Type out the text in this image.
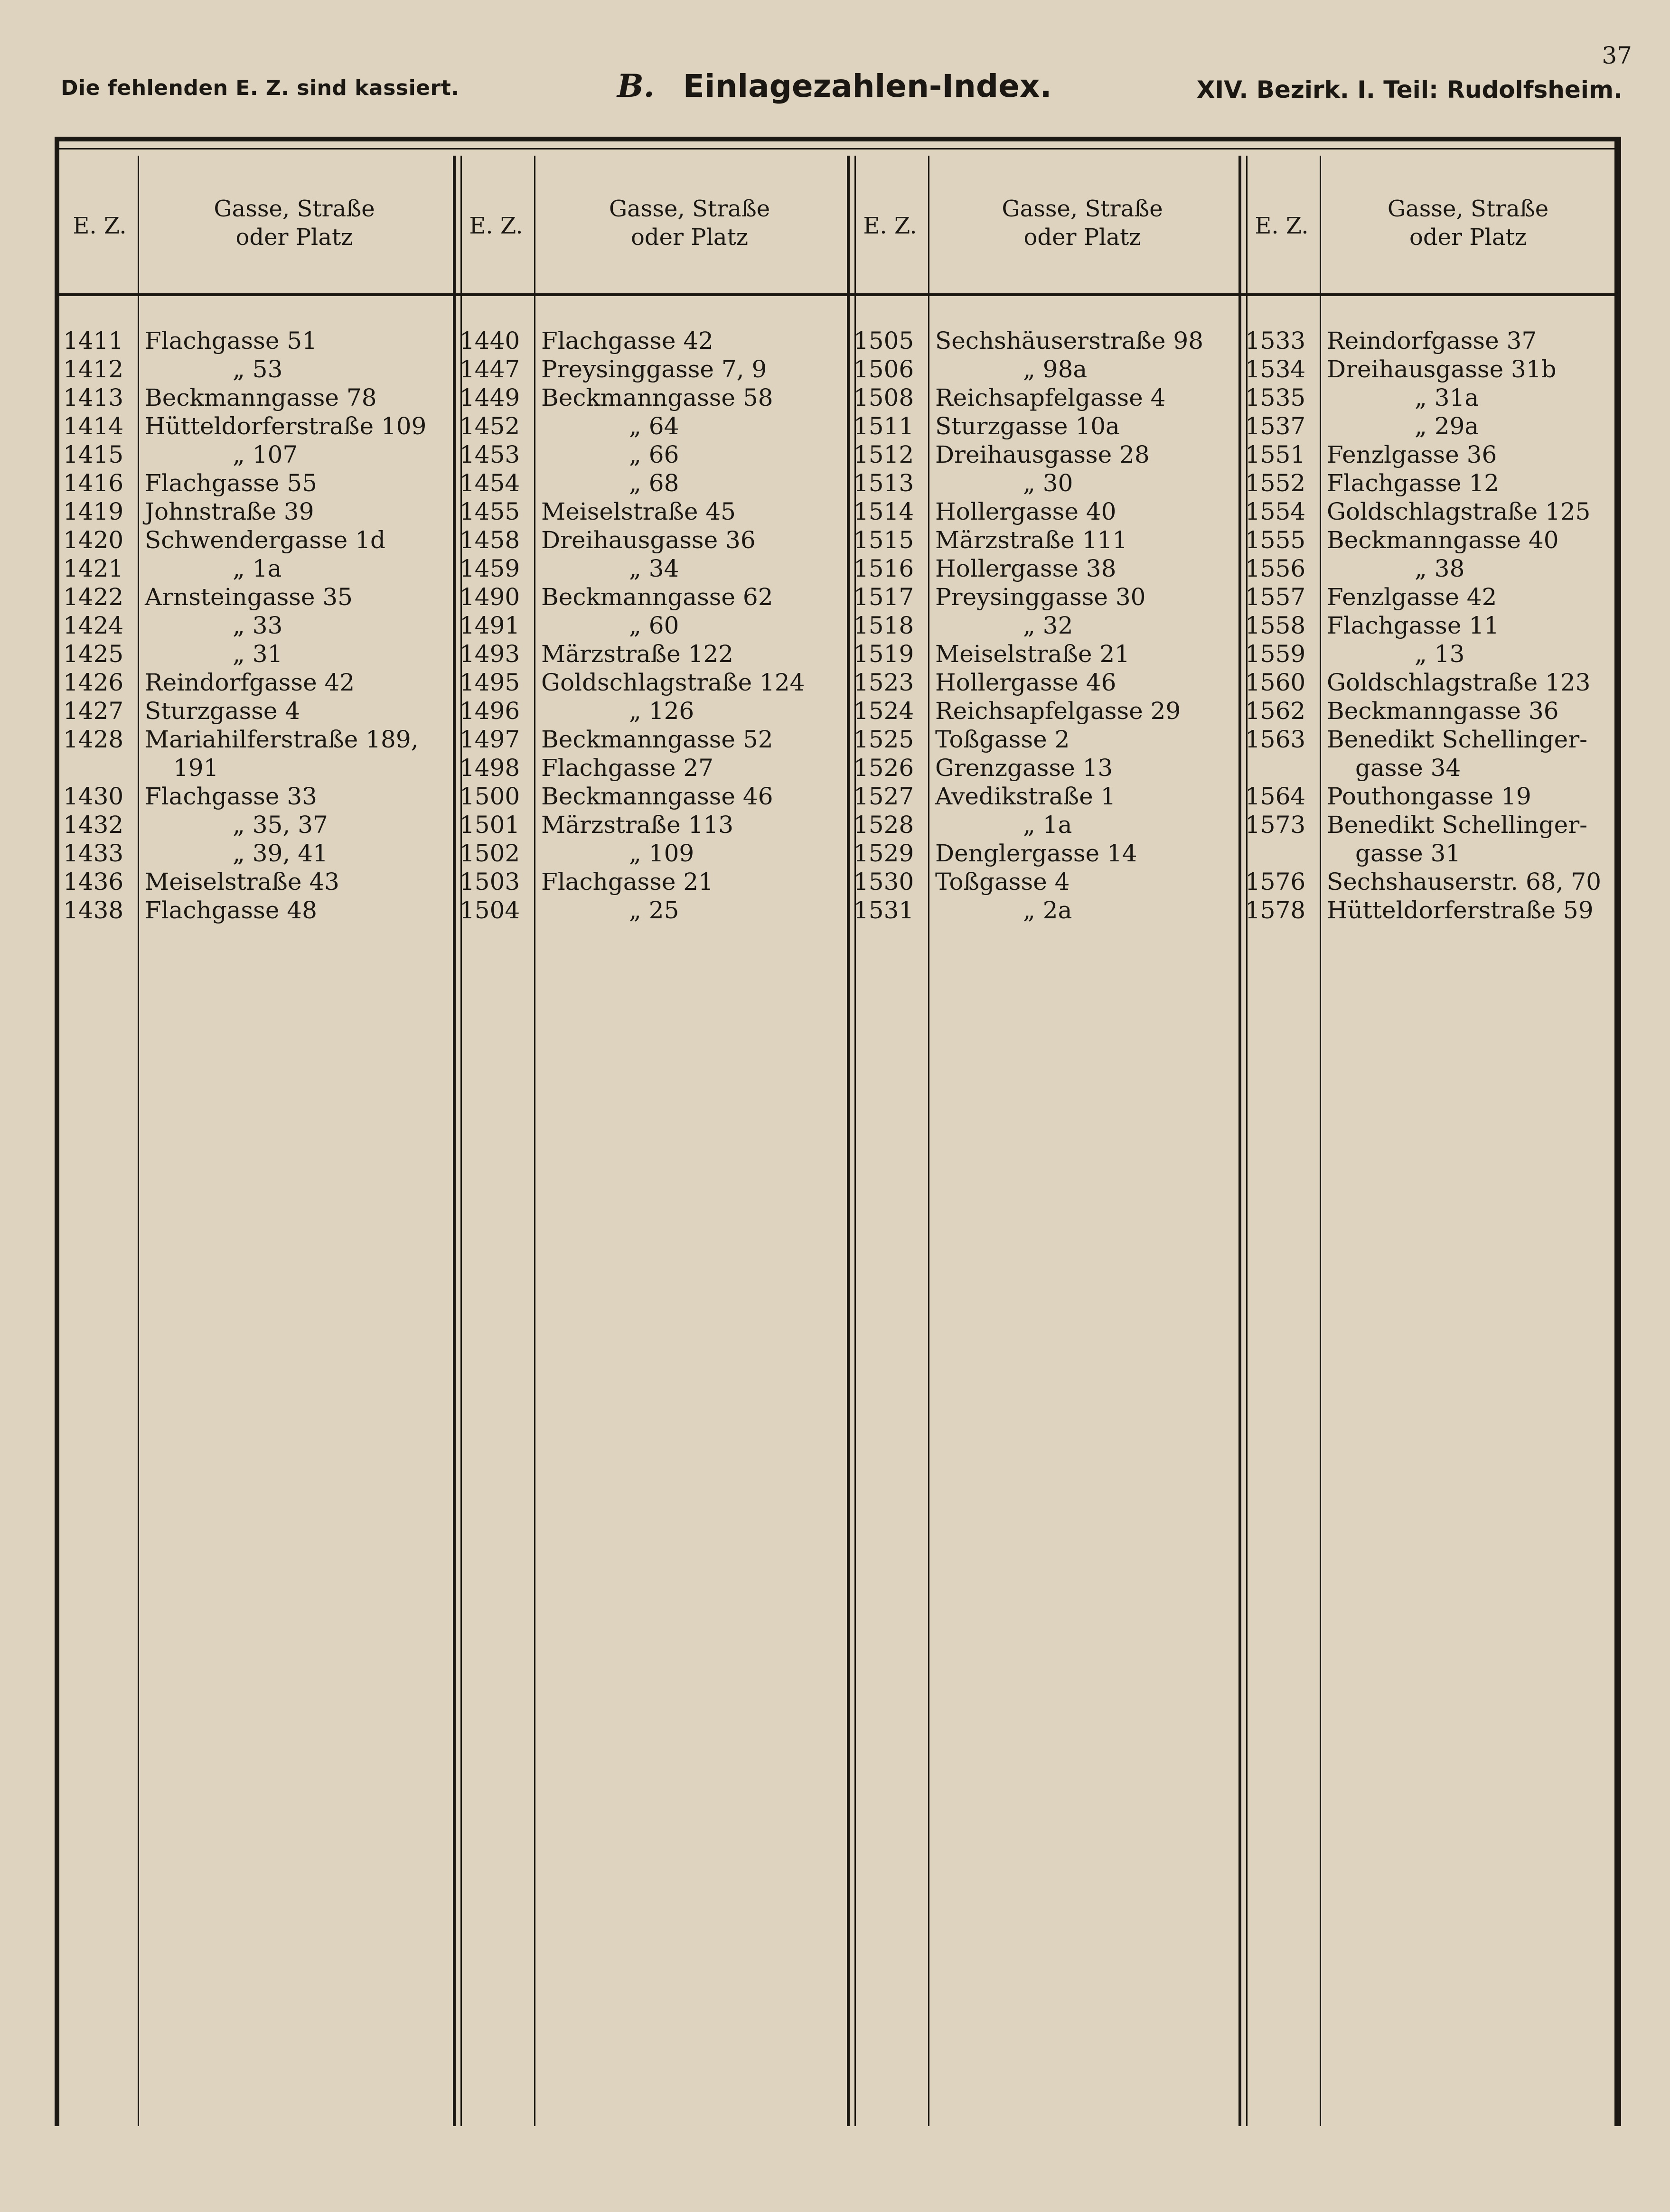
37
Die fehlenden E. Z. sind kassiert.	B. Einlagezahlen-Index.	XIV. Bezirk. I. Teil: Rudolfsheim.
E. Z.
Gasse, Straße
oder Platz
1411 Flachgasse 51
1412	„ 53
1413 Beckmanngasse 78
1414 Hütteldorferstraße 109
1415	„ 107
1416 Flachgasse 55
1419 Johnstraße 39
1420 Schwendergasse 1d
1421	„ 1a
1422 Arnsteingasse 35
1424	„ 33
1425	„ 31
1426 Reindorfgasse 42
1427 Sturzgasse 4
1428 Mariahilferstraße 189,
191
1430 Flachgasse 33
1432	„ 35, 37
1433	„ 39, 41
1436 Meiselstraße 43
1438 Flachgasse 48
E. Z.
Gasse, Straße
oder Platz
1440 Flachgasse 42
1447 Preysinggasse 7, 9
1449 Beckmanngasse 58
1452	„ 64
1453	„ 66
1454	„ 68
1455 Meiselstraße 45
1458 Dreihausgasse 36
1459	„ 34
1490 Beckmanngasse 62
1491	„ 60
1493 Märzstraße 122
1495 Goldschlagstraße 124
1496	„ 126
1497 Beckmanngasse 52
1498 Flachgasse 27
1500 Beckmanngasse 46
1501 Märzstraße 113
1502	„ 109
1503 Flachgasse 21
1504	„ 25
E. Z.
Gasse, Straße
oder Platz
1505 Sechshäuserstraße 98
1506	„ 98a
1508 Reichsapfelgasse 4
1511 Sturzgasse 10a
1512 Dreihausgasse 28
1513	„ 30
1514 Hollergasse 40
1515 Märzstraße 111
1516 Hollergasse 38
1517 Preysinggasse 30
1518	„ 32
1519 Meiselstraße 21
1523 Hollergasse 46
1524 Reichsapfelgasse 29
1525 Toßgasse 2
1526 Grenzgasse 13
1527 Avedikstraße 1
1528	„ 1a
1529 Denglergasse 14
1530 Toßgasse 4
1531	„ 2a
E. Z.
Gasse, Straße
oder Platz
1533 Reindorfgasse 37
1534 Dreihausgasse 31b
1535	„ 31a
1537	„ 29a
1551 Fenzlgasse 36
1552 Flachgasse 12
1554 Goldschlagstraße 125
1555 Beckmanngasse 40
1556	„ 38
1557 Fenzlgasse 42
1558 Flachgasse 11
1559	„ 13
1560 Goldschlagstraße 123
1562 Beckmanngasse 36
1563 Benedikt Schellinger-
gasse 34
1564 Pouthongasse 19
1573 Benedikt Schellinger-
gasse 31
1576 Sechshauserstr. 68, 70
1578 Hütteldorferstraße 59
